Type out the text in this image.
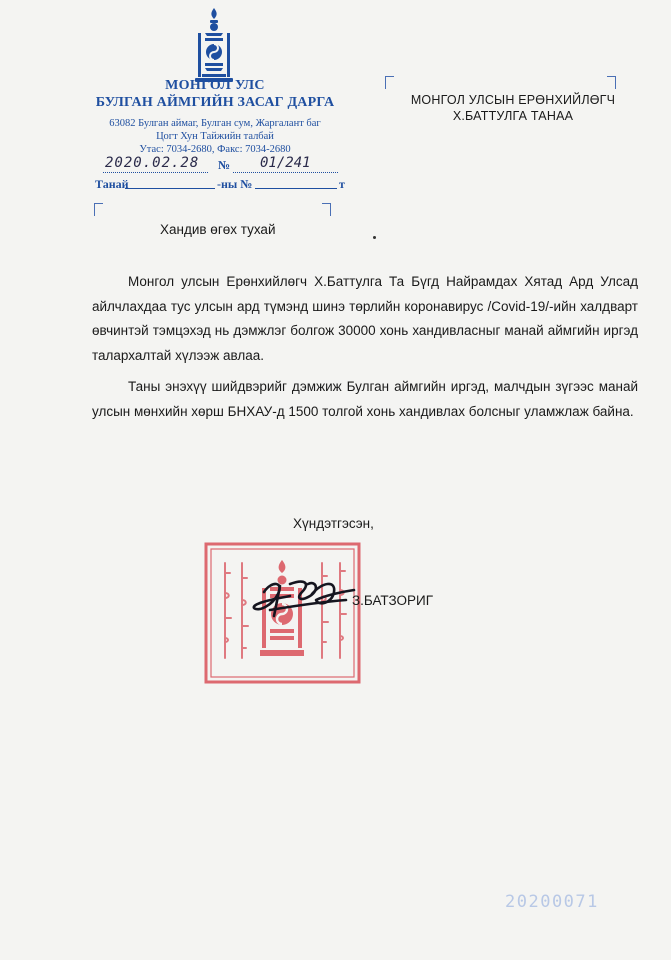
МОНГОЛ УЛС
БУЛГАН АЙМГИЙН ЗАСАГ ДАРГА
63082 Булган аймаг, Булган сум, Жаргалант баг
Цогт Хун Тайжийн талбай
Утас: 7034-2680, Факс: 7034-2680
2020.02.28 № 01/241
Танай	-ны №	т
МОНГОЛ УЛСЫН ЕРӨНХИЙЛӨГЧ
Х.БАТТУЛГА ТАНАА
Хандив өгөх тухай
Монгол улсын Ерөнхийлөгч Х.Баттулга Та Бүгд Найрамдах Хятад Ард Улсад айлчлахдаа тус улсын ард түмэнд шинэ төрлийн коронавирус /Covid-19/-ийн халдварт өвчинтэй тэмцэхэд нь дэмжлэг болгож 30000 хонь хандивласныг манай аймгийн иргэд талархалтай хүлээж авлаа.
Таны энэхүү шийдвэрийг дэмжиж Булган аймгийн иргэд, малчдын зүгээс манай улсын мөнхийн хөрш БНХАУ-д 1500 толгой хонь хандивлах болсныг уламжлаж байна.
Хүндэтгэсэн,
З.БАТЗОРИГ
20200071
